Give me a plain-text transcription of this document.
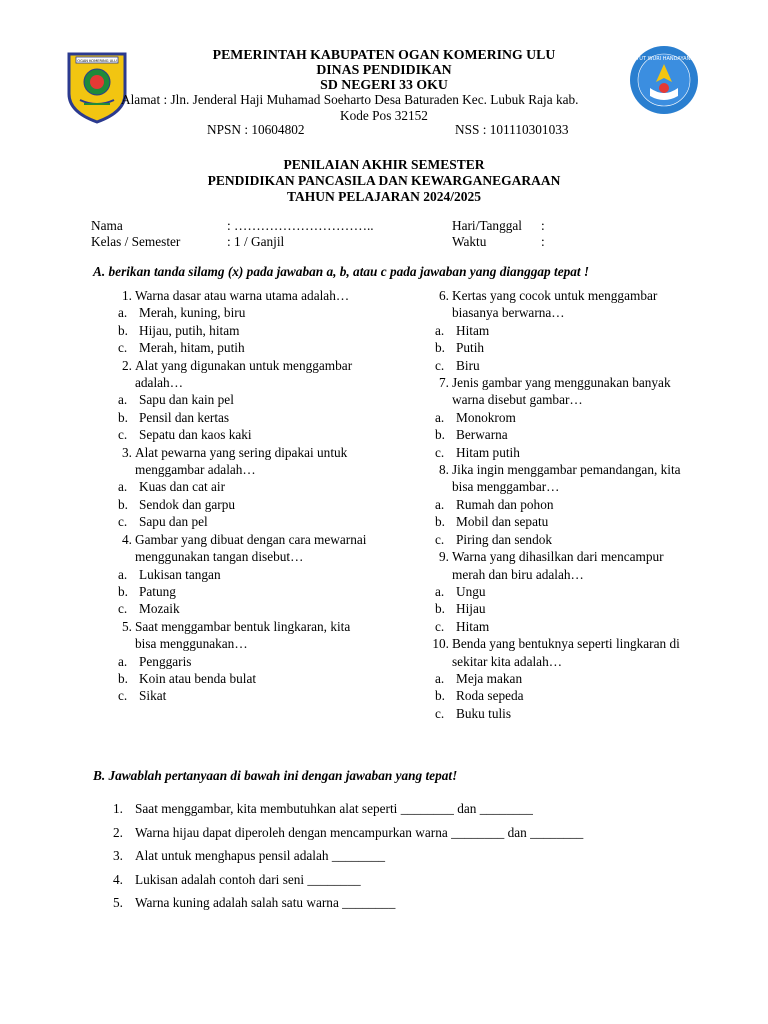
OGAN KOMERING ULU	TUT WURI HANDAYANI
PEMERINTAH KABUPATEN OGAN KOMERING ULU
DINAS PENDIDIKAN
SD NEGERI 33 OKU
Alamat : Jln. Jenderal Haji Muhamad Soeharto Desa Baturaden Kec. Lubuk Raja kab.
Kode Pos 32152
NPSN : 10604802	NSS : 101110301033
PENILAIAN AKHIR SEMESTER
PENDIDIKAN PANCASILA DAN KEWARGANEGARAAN
TAHUN PELAJARAN 2024/2025
Nama	: …………………………..	Hari/Tanggal :
Kelas / Semester	: 1 / Ganjil	Waktu	:
A. berikan tanda silamg (x) pada jawaban a, b, atau c pada jawaban yang dianggap tepat !
1. Warna dasar atau warna utama adalah…
a. Merah, kuning, biru
b. Hijau, putih, hitam
c. Merah, hitam, putih
2. Alat yang digunakan untuk menggambar adalah…
a. Sapu dan kain pel
b. Pensil dan kertas
c. Sepatu dan kaos kaki
3. Alat pewarna yang sering dipakai untuk menggambar adalah…
a. Kuas dan cat air
b. Sendok dan garpu
c. Sapu dan pel
4. Gambar yang dibuat dengan cara mewarnai menggunakan tangan disebut…
a. Lukisan tangan
b. Patung
c. Mozaik
5. Saat menggambar bentuk lingkaran, kita bisa menggunakan…
a. Penggaris
b. Koin atau benda bulat
c. Sikat
6. Kertas yang cocok untuk menggambar biasanya berwarna…
a. Hitam
b. Putih
c. Biru
7. Jenis gambar yang menggunakan banyak warna disebut gambar…
a. Monokrom
b. Berwarna
c. Hitam putih
8. Jika ingin menggambar pemandangan, kita bisa menggambar…
a. Rumah dan pohon
b. Mobil dan sepatu
c. Piring dan sendok
9. Warna yang dihasilkan dari mencampur merah dan biru adalah…
a. Ungu
b. Hijau
c. Hitam
10. Benda yang bentuknya seperti lingkaran di sekitar kita adalah…
a. Meja makan
b. Roda sepeda
c. Buku tulis
B. Jawablah pertanyaan di bawah ini dengan jawaban yang tepat!
1. Saat menggambar, kita membutuhkan alat seperti ________ dan ________
2. Warna hijau dapat diperoleh dengan mencampurkan warna ________ dan ________
3. Alat untuk menghapus pensil adalah ________
4. Lukisan adalah contoh dari seni ________
5. Warna kuning adalah salah satu warna ________
